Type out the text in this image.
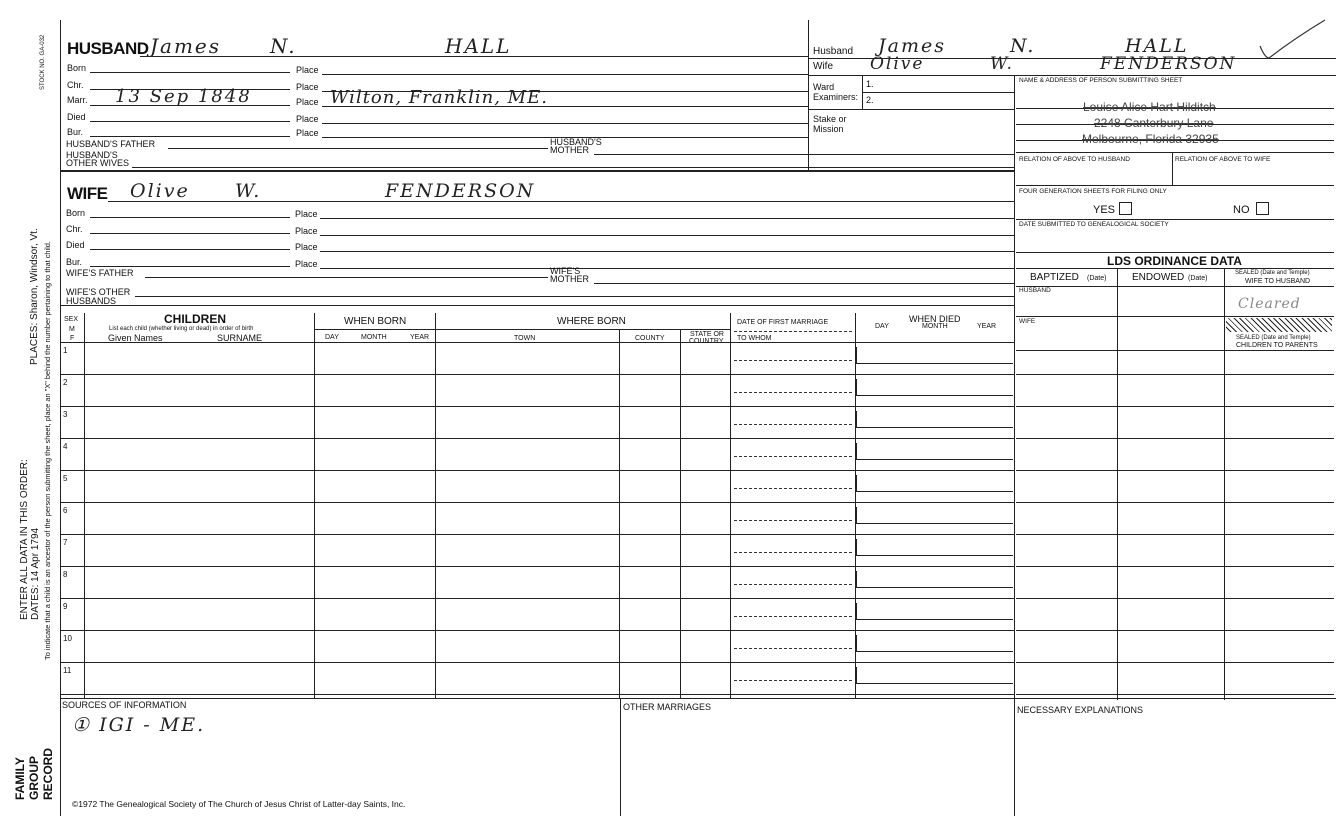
STOCK NO. GA-032
PLACES: Sharon, Windsor, Vt.
ENTER ALL DATA IN THIS ORDER: DATES: 14 Apr 1794 To indicate that a child is an ancestor of the person submitting the sheet, place an "X" behind the number pertaining to that child.
FAMILY GROUP RECORD
HUSBAND James N.	HALL
Born	Place
Chr.	Place
Marr. 13 Sep 1848	Place Wilton, Franklin, ME.
Died	Place
Bur.	Place
HUSBAND'S FATHER	HUSBAND'S
MOTHER
HUSBAND'S
OTHER WIVES
WIFE Olive W.	FENDERSON
Born	Place
Chr.	Place
Died	Place
Bur.	Place
WIFE'S FATHER	WIFE'S
MOTHER
WIFE'S OTHER
HUSBANDS
Husband James	N.	HALL
Wife Olive	W.	FENDERSON
Ward	1.
Examiners: 2.
Stake or
Mission
NAME & ADDRESS OF PERSON SUBMITTING SHEET
Louise Alice Hart Hilditch
2248 Canterbury Lane
Melbourne, Florida 32935
RELATION OF ABOVE TO HUSBAND	RELATION OF ABOVE TO WIFE
FOUR GENERATION SHEETS FOR FILING ONLY
YES	NO
DATE SUBMITTED TO GENEALOGICAL SOCIETY
LDS ORDINANCE DATA
BAPTIZED (Date)	ENDOWED (Date)
SEALED (Date and Temple)
WIFE TO HUSBAND
HUSBAND
Cleared
WIFE
SEALED (Date and Temple)
CHILDREN TO PARENTS
SEX
M
F
CHILDREN
List each child (whether living or dead) in order of birth
Given Names	SURNAME
WHEN BORN
DAY	MONTH	YEAR
WHERE BORN
TOWN	COUNTY
STATE OR
COUNTRY
DATE OF FIRST MARRIAGE
TO WHOM
WHEN DIED
DAY	MONTH	YEAR
1
2
3
4
5
6
7
8
9
10
11
SOURCES OF INFORMATION
① IGI - ME.
OTHER MARRIAGES	NECESSARY EXPLANATIONS
©1972 The Genealogical Society of The Church of Jesus Christ of Latter-day Saints, Inc.
